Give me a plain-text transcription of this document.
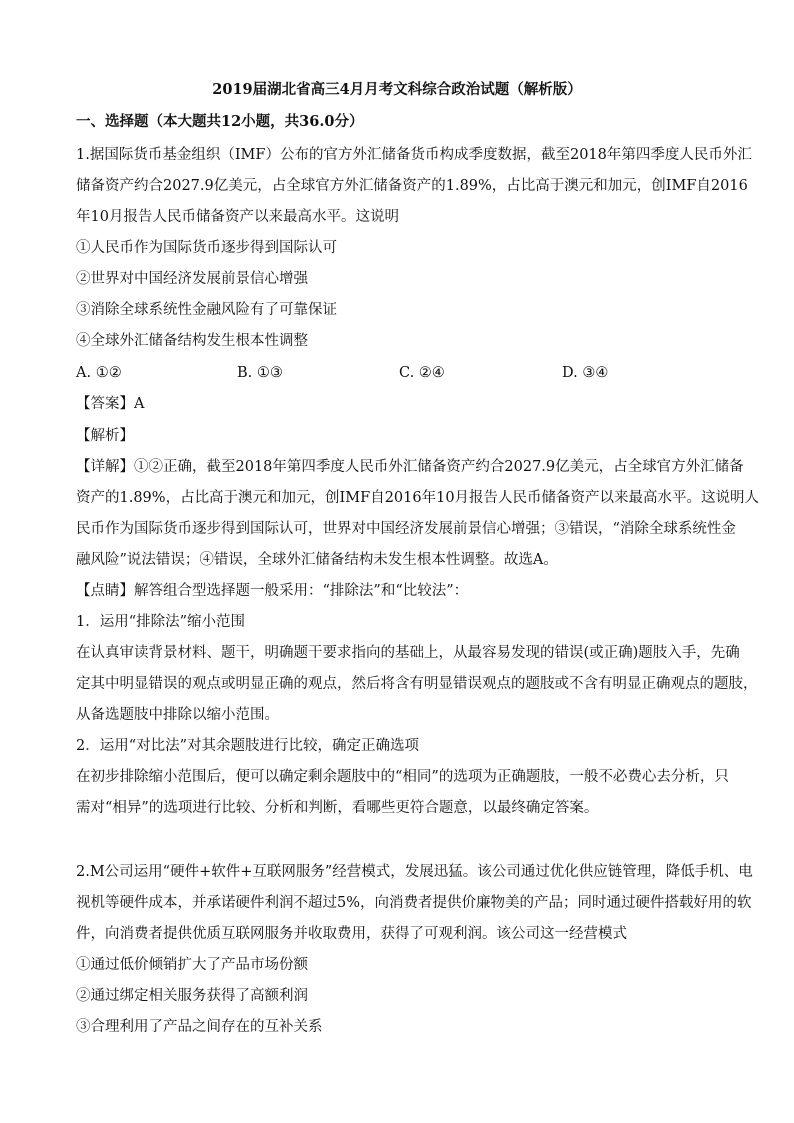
2019届湖北省高三4月月考文科综合政治试题（解析版）
一、选择题（本大题共12小题，共36.0分）
1.据国际货币基金组织（IMF）公布的官方外汇储备货币构成季度数据，截至2018年第四季度人民币外汇
储备资产约合2027.9亿美元，占全球官方外汇储备资产的1.89%，占比高于澳元和加元，创IMF自2016
年10月报告人民币储备资产以来最高水平。这说明
①人民币作为国际货币逐步得到国际认可
②世界对中国经济发展前景信心增强
③消除全球系统性金融风险有了可靠保证
④全球外汇储备结构发生根本性调整
A. ①②	B. ①③	C. ②④	D. ③④
【答案】A
【解析】
【详解】①②正确，截至2018年第四季度人民币外汇储备资产约合2027.9亿美元，占全球官方外汇储备
资产的1.89%，占比高于澳元和加元，创IMF自2016年10月报告人民币储备资产以来最高水平。这说明人
民币作为国际货币逐步得到国际认可，世界对中国经济发展前景信心增强；③错误，“消除全球系统性金
融风险”说法错误；④错误，全球外汇储备结构未发生根本性调整。故选A。
【点睛】解答组合型选择题一般采用：“排除法”和“比较法”：
1．运用“排除法”缩小范围
在认真审读背景材料、题干，明确题干要求指向的基础上，从最容易发现的错误(或正确)题肢入手，先确
定其中明显错误的观点或明显正确的观点，然后将含有明显错误观点的题肢或不含有明显正确观点的题肢，
从备选题肢中排除以缩小范围。
2．运用“对比法”对其余题肢进行比较，确定正确选项
在初步排除缩小范围后，便可以确定剩余题肢中的“相同”的选项为正确题肢，一般不必费心去分析，只
需对“相异”的选项进行比较、分析和判断，看哪些更符合题意，以最终确定答案。
2.M公司运用“硬件+软件+互联网服务”经营模式，发展迅猛。该公司通过优化供应链管理，降低手机、电
视机等硬件成本，并承诺硬件利润不超过5%，向消费者提供价廉物美的产品；同时通过硬件搭载好用的软
件，向消费者提供优质互联网服务并收取费用，获得了可观利润。该公司这一经营模式
①通过低价倾销扩大了产品市场份额
②通过绑定相关服务获得了高额利润
③合理利用了产品之间存在的互补关系
